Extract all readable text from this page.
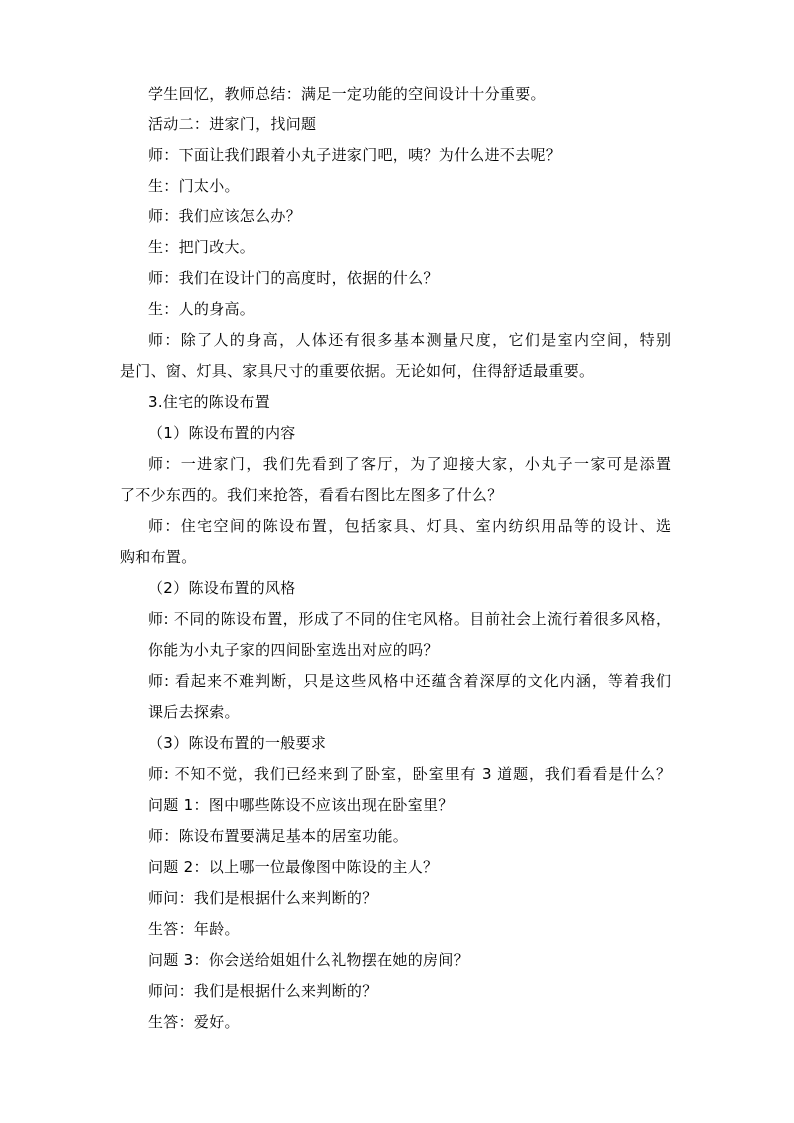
学生回忆，教师总结：满足一定功能的空间设计十分重要。
活动二：进家门，找问题
师：下面让我们跟着小丸子进家门吧，咦？为什么进不去呢？
生：门太小。
师：我们应该怎么办？
生：把门改大。
师：我们在设计门的高度时，依据的什么？
生：人的身高。
师：除了人的身高，人体还有很多基本测量尺度，它们是室内空间，特别
是门、窗、灯具、家具尺寸的重要依据。无论如何，住得舒适最重要。
3.住宅的陈设布置
（1）陈设布置的内容
师：一进家门，我们先看到了客厅，为了迎接大家，小丸子一家可是添置
了不少东西的。我们来抢答，看看右图比左图多了什么？
师：住宅空间的陈设布置，包括家具、灯具、室内纺织用品等的设计、选
购和布置。
（2）陈设布置的风格
师: 不同的陈设布置，形成了不同的住宅风格。目前社会上流行着很多风格，
你能为小丸子家的四间卧室选出对应的吗？
师: 看起来不难判断，只是这些风格中还蕴含着深厚的文化内涵，等着我们
课后去探索。
（3）陈设布置的一般要求
师: 不知不觉，我们已经来到了卧室，卧室里有 3 道题，我们看看是什么？
问题 1：图中哪些陈设不应该出现在卧室里？
师：陈设布置要满足基本的居室功能。
问题 2：以上哪一位最像图中陈设的主人？
师问：我们是根据什么来判断的？
生答：年龄。
问题 3：你会送给姐姐什么礼物摆在她的房间？
师问：我们是根据什么来判断的？
生答：爱好。
